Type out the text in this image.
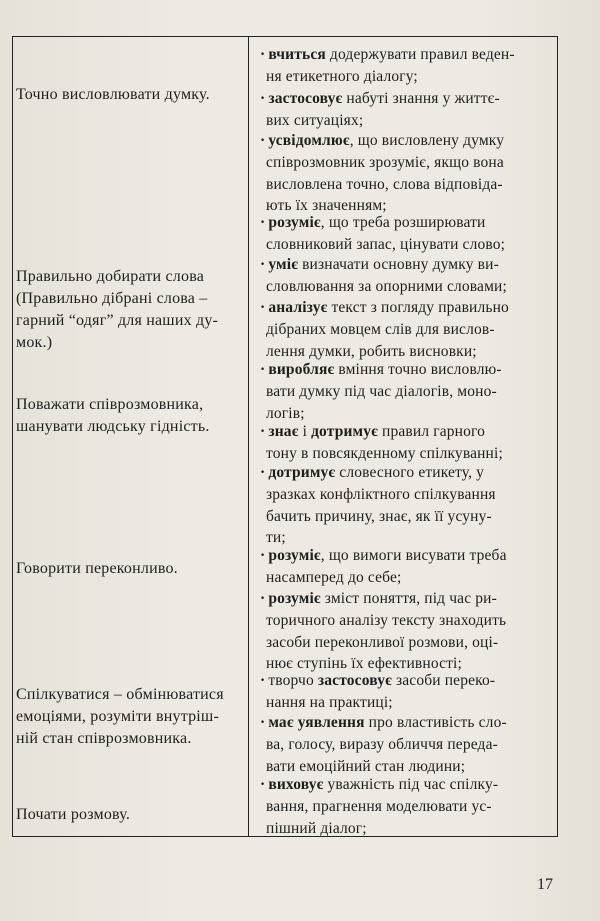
Точно висловлювати думку.
Правильно добирати слова
(Правильно дібрані слова –
гарний “одяг” для наших ду-
мок.)
Поважати співрозмовника,
шанувати людську гідність.
Говорити переконливо.
Спілкуватися – обмінюватися
емоціями, розуміти внутріш-
ній стан співрозмовника.
Почати розмову.
· вчиться додержувати правил веден-
ня етикетного діалогу;
· застосовує набуті знання у життє-
вих ситуаціях;
· усвідомлює, що висловлену думку
співрозмовник зрозуміє, якщо вона
висловлена точно, слова відповіда-
ють їх значенням;
· розуміє, що треба розширювати
словниковий запас, цінувати слово;
· уміє визначати основну думку ви-
словлювання за опорними словами;
· аналізує текст з погляду правильно
дібраних мовцем слів для вислов-
лення думки, робить висновки;
· виробляє вміння точно висловлю-
вати думку під час діалогів, моно-
логів;
· знає і дотримує правил гарного
тону в повсякденному спілкуванні;
· дотримує словесного етикету, у
зразках конфліктного спілкування
бачить причину, знає, як її усуну-
ти;
· розуміє, що вимоги висувати треба
насамперед до себе;
· розуміє зміст поняття, під час ри-
торичного аналізу тексту знаходить
засоби переконливої розмови, оці-
нює ступінь їх ефективності;
· творчо застосовує засоби переко-
нання на практиці;
· має уявлення про властивість сло-
ва, голосу, виразу обличчя переда-
вати емоційний стан людини;
· виховує уважність під час спілку-
вання, прагнення моделювати ус-
пішний діалог;
17
